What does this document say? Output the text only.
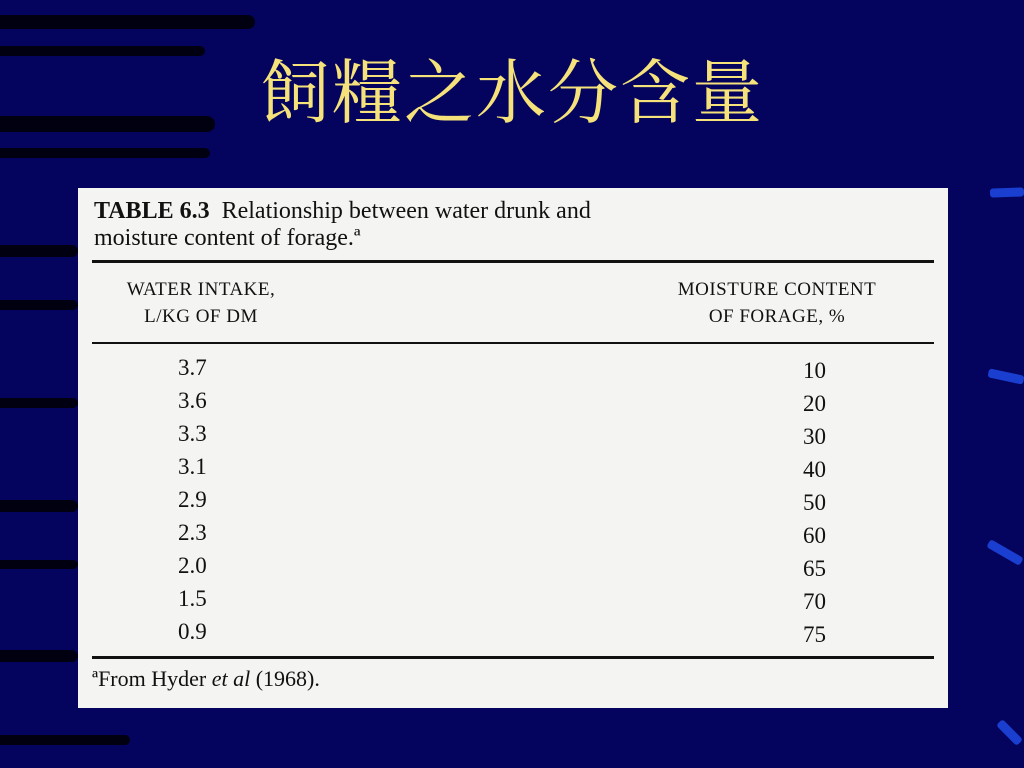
飼糧之水分含量
TABLE 6.3 Relationship between water drunk and
moisture content of forage.ª
WATER INTAKE,
L/KG OF DM
MOISTURE CONTENT
OF FORAGE, %
3.7	10
3.6	20
3.3	30
3.1	40
2.9	50
2.3	60
2.0	65
1.5	70
0.9	75
ªFrom Hyder et al (1968).
